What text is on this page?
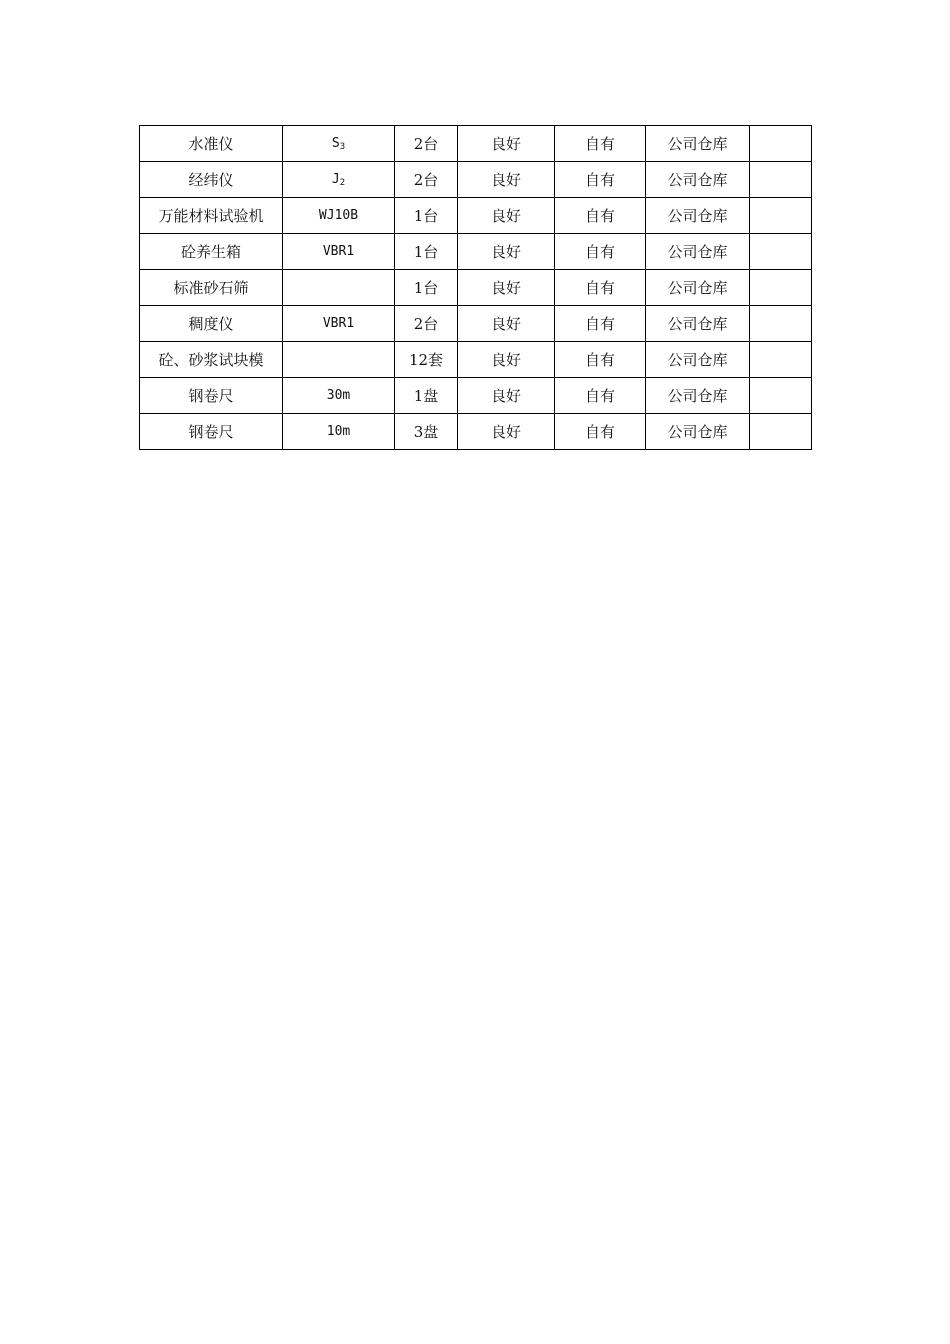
水准仪	$S_3$	2台	良好	自有	公司仓库	
经纬仪	$J_2$	2台	良好	自有	公司仓库	
万能材料试验机	WJ10B	1台	良好	自有	公司仓库	
砼养生箱	VBR1	1台	良好	自有	公司仓库	
标准砂石筛		1台	良好	自有	公司仓库	
稠度仪	VBR1	2台	良好	自有	公司仓库	
砼、砂浆试块模		12套	良好	自有	公司仓库	
钢卷尺	30m	1盘	良好	自有	公司仓库	
钢卷尺	10m	3盘	良好	自有	公司仓库	
